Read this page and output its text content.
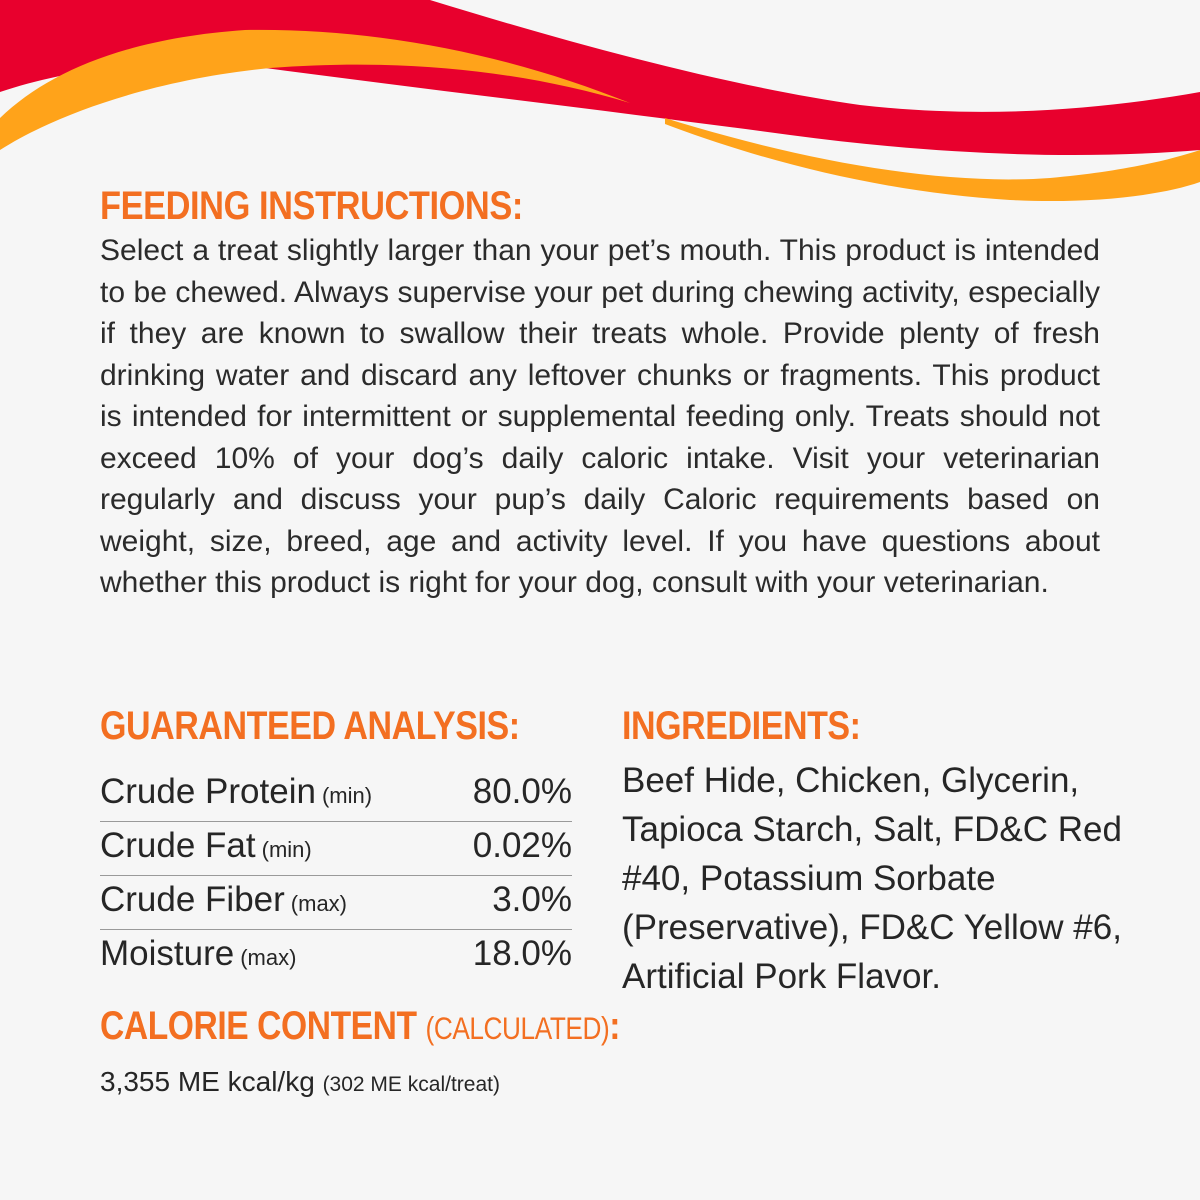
FEEDING INSTRUCTIONS:

Select a treat slightly larger than your pet’s mouth. This product is intended to be chewed. Always supervise your pet during chewing activity, especially if they are known to swallow their treats whole. Provide plenty of fresh drinking water and discard any leftover chunks or fragments. This product is intended for intermittent or supplemental feeding only. Treats should not exceed 10% of your dog’s daily caloric intake. Visit your veterinarian regularly and discuss your pup’s daily Caloric requirements based on weight, size, breed, age and activity level. If you have questions about whether this product is right for your dog, consult with your veterinarian.

GUARANTEED ANALYSIS:
Crude Protein (min)	80.0%
Crude Fat (min)	0.02%
Crude Fiber (max)	3.0%
Moisture (max)	18.0%
CALORIE CONTENT (CALCULATED):
3,355 ME kcal/kg (302 ME kcal/treat)
INGREDIENTS:

Beef Hide, Chicken, Glycerin, Tapioca Starch, Salt, FD&C Red #40, Potassium Sorbate (Preservative), FD&C Yellow #6, Artificial Pork Flavor.
